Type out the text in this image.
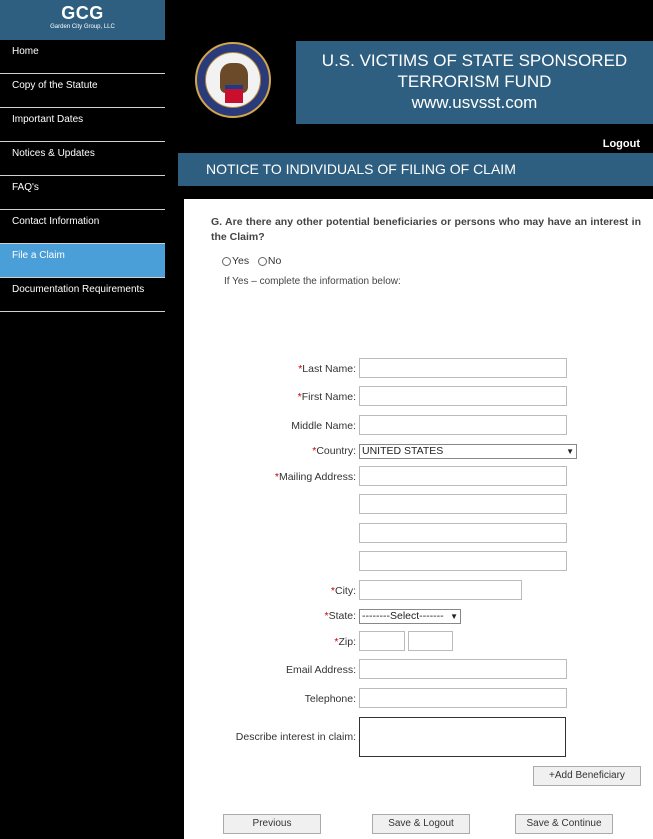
GCG
Garden City Group, LLC
Home
Copy of the Statute
Important Dates
Notices & Updates
FAQ's
Contact Information
File a Claim
Documentation Requirements
U.S. VICTIMS OF STATE SPONSORED
TERRORISM FUND
www.usvsst.com
Logout
NOTICE TO INDIVIDUALS OF FILING OF CLAIM
G. Are there any other potential beneficiaries or persons who may have an interest in the Claim?
Yes No
If Yes – complete the information below:
*Last Name:
*First Name:
Middle Name:
*Country: UNITED STATES	▼
*Mailing Address:
*City:
*State: --------Select------- ▼
*Zip:
Email Address:
Telephone:
Describe interest in claim:
+Add Beneficiary
Previous	Save & Logout	Save & Continue
